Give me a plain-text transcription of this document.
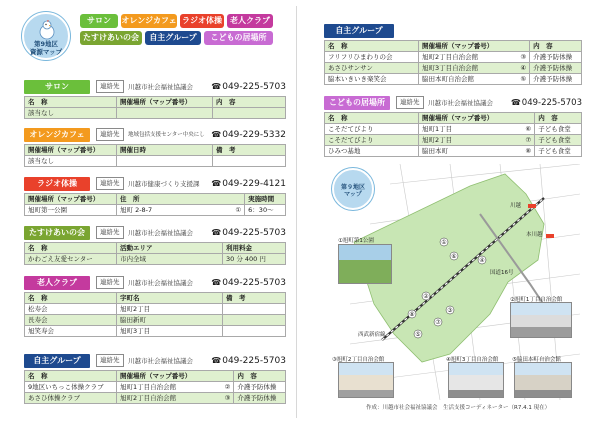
第9地区
資源マップ
サロン	オレンジカフェ ラジオ体操	老人クラブ
たすけあいの会	自主グループ	こどもの居場所
サロン	連絡先	川越市社会福祉協議会 ☎049-225-5703
名　称	開催場所（マップ番号）	内　容
該当なし		
オレンジカフェ	連絡先	地域包括支援センター中央にし ☎049-229-5332
開催場所（マップ番号）	開催日時	備　考
該当なし		
ラジオ体操	連絡先	川越市健康づくり支援課 ☎049-229-4121
開催場所（マップ番号）	住　所		実施時間
旭町第一公園	旭町 2-8-7	①	6：30～
たすけあいの会	連絡先	川越市社会福祉協議会 ☎049-225-5703
名　称	活動エリア	利用料金
かわごえ友愛センター	市内全域	30 分 400 円
老人クラブ	連絡先	川越市社会福祉協議会 ☎049-225-5703
名　称	字町名	備　考
松寿会	旭町2丁目	
長寿会	脇田新町	
旭笑寿会	旭町3丁目	
自主グループ	連絡先	川越市社会福祉協議会 ☎049-225-5703
名　称	開催場所（マップ番号）		内　容
9地区いちっこ体操クラブ	旭町1丁目自治会館	②	介護予防体操
あさひ体操クラブ	旭町2丁目自治会館	③	介護予防体操
自主グループ
名　称	開催場所（マップ番号）		内　容
フリフリひまわりの会	旭町2丁目自治会館	③	介護予防体操
あさひサンサン	旭町3丁目自治会館	④	介護予防体操
脇本いきいき楽笑会	脇田本町自治会館	⑤	介護予防体操
こどもの居場所	連絡先	川越市社会福祉協議会 ☎049-225-5703
名　称	開催場所（マップ番号）		内　容
こそだてびより	旭町1丁目	⑥	子ども食堂
こそだてびより	旭町2丁目	⑦	子ども食堂
ひみつ基地	脇田本町	⑧	子ども食堂
①
②
③
④
⑤
⑥
⑦
⑧
第９地区
マップ
川越
本川越
西武新宿線
国道16号
①旭町第1公園
②旭町1丁目自治会館
③旭町2丁目自治会館	④旭町3丁目自治会館 ⑤脇田本町自治会館
作成：川越市社会福祉協議会　生活支援コーディネーター（R7.4.1 現在）
